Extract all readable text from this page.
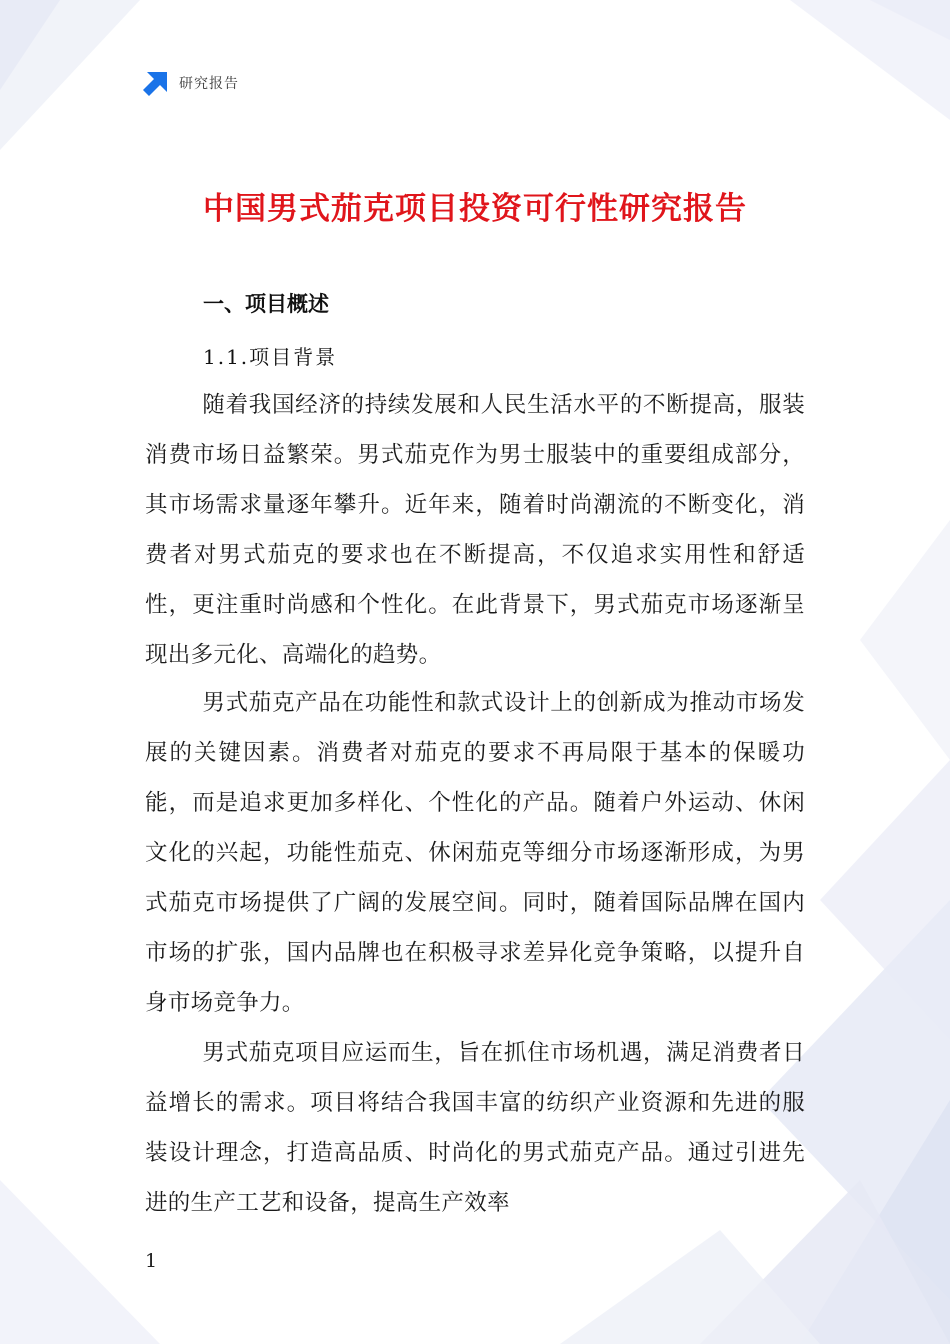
研究报告
中国男式茄克项目投资可行性研究报告
一、项目概述
1.1.项目背景

随着我国经济的持续发展和人民生活水平的不断提高，服装消费市场日益繁荣。男式茄克作为男士服装中的重要组成部分，其市场需求量逐年攀升。近年来，随着时尚潮流的不断变化，消费者对男式茄克的要求也在不断提高，不仅追求实用性和舒适性，更注重时尚感和个性化。在此背景下，男式茄克市场逐渐呈现出多元化、高端化的趋势。

男式茄克产品在功能性和款式设计上的创新成为推动市场发展的关键因素。消费者对茄克的要求不再局限于基本的保暖功能，而是追求更加多样化、个性化的产品。随着户外运动、休闲文化的兴起，功能性茄克、休闲茄克等细分市场逐渐形成，为男式茄克市场提供了广阔的发展空间。同时，随着国际品牌在国内市场的扩张，国内品牌也在积极寻求差异化竞争策略，以提升自身市场竞争力。

男式茄克项目应运而生，旨在抓住市场机遇，满足消费者日益增长的需求。项目将结合我国丰富的纺织产业资源和先进的服装设计理念，打造高品质、时尚化的男式茄克产品。通过引进先进的生产工艺和设备，提高生产效率

1
